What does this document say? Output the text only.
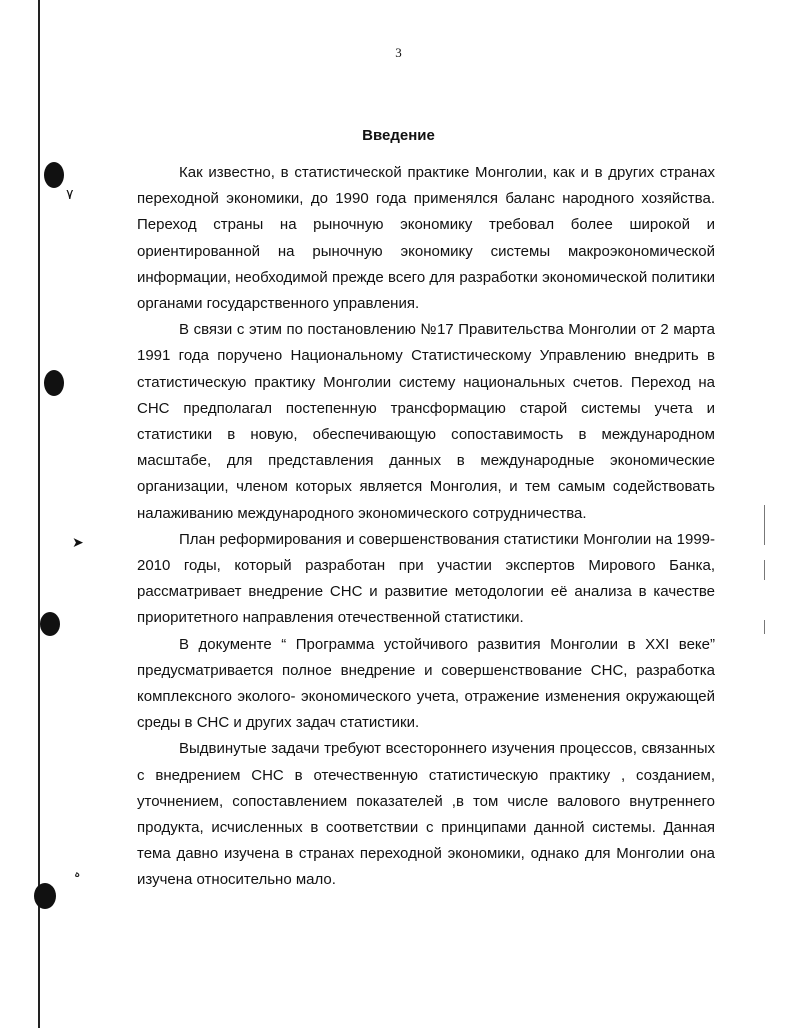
٧
➤
ہ
3
Введение

Как известно, в статистической практике Монголии, как и в других странах переходной экономики, до 1990 года применялся баланс народного хозяйства. Переход страны на рыночную экономику требовал более широкой и ориентированной на рыночную экономику системы макроэкономической информации, необходимой прежде всего для разработки экономической политики органами государственного управления.

В связи с этим по постановлению №17 Правительства Монголии от 2 марта 1991 года поручено Национальному Статистическому Управлению внедрить в статистическую практику Монголии систему национальных счетов. Переход на СНС предполагал постепенную трансформацию старой системы учета и статистики в новую, обеспечивающую сопоставимость в международном масштабе, для представления данных в международные экономические организации, членом которых является Монголия, и тем самым содействовать налаживанию международного экономического сотрудничества.

План реформирования и совершенствования статистики Монголии на 1999-2010 годы, который разработан при участии экспертов Мирового Банка, рассматривает внедрение СНС и развитие методологии её анализа в качестве приоритетного направления отечественной статистики.

В документе “ Программа устойчивого развития Монголии в XXI веке” предусматривается полное внедрение и совершенствование СНС, разработка комплексного эколого- экономического учета, отражение изменения окружающей среды в СНС и других задач статистики.

Выдвинутые задачи требуют всестороннего изучения процессов, связанных с внедрением СНС в отечественную статистическую практику , созданием, уточнением, сопоставлением показателей ,в том числе валового внутреннего продукта, исчисленных в соответствии с принципами данной системы. Данная тема давно изучена в странах переходной экономики, однако для Монголии она изучена относительно мало.
